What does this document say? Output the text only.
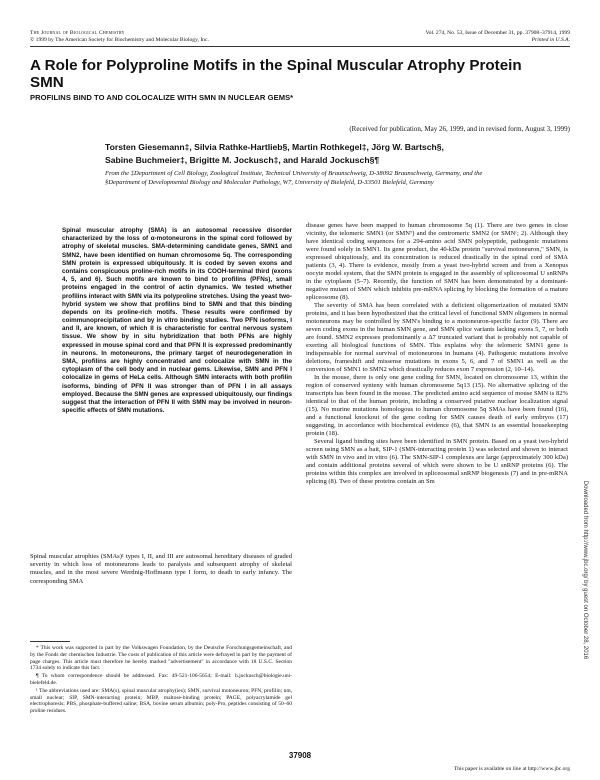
The Journal of Biological Chemistry
© 1999 by The American Society for Biochemistry and Molecular Biology, Inc.
Vol. 274, No. 53, Issue of December 31, pp. 37908–37914, 1999
Printed in U.S.A.
A Role for Polyproline Motifs in the Spinal Muscular Atrophy Protein SMN
PROFILINS BIND TO AND COLOCALIZE WITH SMN IN NUCLEAR GEMS*
(Received for publication, May 26, 1999, and in revised form, August 3, 1999)
Torsten Giesemann‡, Silvia Rathke-Hartlieb§, Martin Rothkegel‡, Jörg W. Bartsch§,
Sabine Buchmeier‡, Brigitte M. Jockusch‡, and Harald Jockusch§¶
From the ‡Department of Cell Biology, Zoological Institute, Technical University of Braunschweig, D-38092 Braunschweig, Germany, and the §Department of Developmental Biology and Molecular Pathology, W7, University of Bielefeld, D-33501 Bielefeld, Germany

Spinal muscular atrophy (SMA) is an autosomal recessive disorder characterized by the loss of α-motoneurons in the spinal cord followed by atrophy of skeletal muscles. SMA-determining candidate genes, SMN1 and SMN2, have been identified on human chromosome 5q. The corresponding SMN protein is expressed ubiquitously. It is coded by seven exons and contains conspicuous proline-rich motifs in its COOH-terminal third (exons 4, 5, and 6). Such motifs are known to bind to profilins (PFNs), small proteins engaged in the control of actin dynamics. We tested whether profilins interact with SMN via its polyproline stretches. Using the yeast two-hybrid system we show that profilins bind to SMN and that this binding depends on its proline-rich motifs. These results were confirmed by coimmunoprecipitation and by in vitro binding studies. Two PFN isoforms, I and II, are known, of which II is characteristic for central nervous system tissue. We show by in situ hybridization that both PFNs are highly expressed in mouse spinal cord and that PFN II is expressed predominantly in neurons. In motoneurons, the primary target of neurodegeneration in SMA, profilins are highly concentrated and colocalize with SMN in the cytoplasm of the cell body and in nuclear gems. Likewise, SMN and PFN I colocalize in gems of HeLa cells. Although SMN interacts with both profilin isoforms, binding of PFN II was stronger than of PFN I in all assays employed. Because the SMN genes are expressed ubiquitously, our findings suggest that the interaction of PFN II with SMN may be involved in neuron-specific effects of SMN mutations.

Spinal muscular atrophies (SMAs)¹ types I, II, and III are autosomal hereditary diseases of graded severity in which loss of motoneurons leads to paralysis and subsequent atrophy of skeletal muscles, and in the most severe Werdnig-Hoffmann type I form, to death in early infancy. The corresponding SMA

* This work was supported in part by the Volkswagen Foundation, by the Deutsche Forschungsgemeinschaft, and by the Fonds der chemischen Industrie. The costs of publication of this article were defrayed in part by the payment of page charges. This article must therefore be hereby marked "advertisement" in accordance with 18 U.S.C. Section 1734 solely to indicate this fact.

¶ To whom correspondence should be addressed. Fax: 49-521-106-5654; E-mail: h.jockusch@biologie.uni-bielefeld.de.

¹ The abbreviations used are: SMA(s), spinal muscular atrophy(ies); SMN, survival motoneuron; PFN, profilin; nm, small nuclear; SIP, SMN-interacting protein; MBP, maltose-binding protein; PAGE, polyacrylamide gel electrophoresis; PBS, phosphate-buffered saline; BSA, bovine serum albumin; poly-Pro, peptides consisting of 50–60 proline residues.

disease genes have been mapped to human chromosome 5q (1). There are two genes in close vicinity, the telomeric SMN1 (or SMNᵀ) and the centromeric SMN2 (or SMNᶜ; 2). Although they have identical coding sequences for a 294-amino acid SMN polypeptide, pathogenic mutations were found solely in SMN1. Its gene product, the 40-kDa protein "survival motoneuron," SMN, is expressed ubiquitously, and its concentration is reduced drastically in the spinal cord of SMA patients (3, 4). There is evidence, mostly from a yeast two-hybrid screen and from a Xenopus oocyte model system, that the SMN protein is engaged in the assembly of spliceosomal U snRNPs in the cytoplasm (5–7). Recently, the function of SMN has been demonstrated by a dominant-negative mutant of SMN which inhibits pre-mRNA splicing by blocking the formation of a mature spliceosome (8).

The severity of SMA has been correlated with a deficient oligomerization of mutated SMN proteins, and it has been hypothesized that the critical level of functional SMN oligomers in normal motoneurons may be controlled by SMN's binding to a motoneuron-specific factor (9). There are seven coding exons in the human SMN gene, and SMN splice variants lacking exons 5, 7, or both are found. SMN2 expresses predominantly a Δ7 truncated variant that is probably not capable of exerting all biological functions of SMN. This explains why the telomeric SMN1 gene is indispensable for normal survival of motoneurons in humans (4). Pathogenic mutations involve deletions, frameshift and missense mutations in exons 5, 6, and 7 of SMN1 as well as the conversion of SMN1 to SMN2 which drastically reduces exon 7 expression (2, 10–14).

In the mouse, there is only one gene coding for SMN, located on chromosome 13, within the region of conserved synteny with human chromosome 5q13 (15). No alternative splicing of the transcripts has been found in the mouse. The predicted amino acid sequence of mouse SMN is 82% identical to that of the human protein, including a conserved putative nuclear localization signal (15). No murine mutations homologous to human chromosome 5q SMAs have been found (16), and a functional knockout of the gene coding for SMN causes death of early embryos (17) suggesting, in accordance with biochemical evidence (6), that SMN is an essential housekeeping protein (18).

Several ligand binding sites have been identified in SMN protein. Based on a yeast two-hybrid screen using SMN as a bait, SIP-1 (SMN-interacting protein 1) was selected and shown to interact with SMN in vivo and in vitro (6). The SMN-SIP-1 complexes are large (approximately 300 kDa) and contain additional proteins several of which were shown to be U snRNP proteins (6). The proteins within this complex are involved in spliceosomal snRNP biogenesis (7) and in pre-mRNA splicing (8). Two of these proteins contain an Sm	Downloaded from http://www.jbc.org/ by guest on October 28, 2016
37908
This paper is available on line at http://www.jbc.org
